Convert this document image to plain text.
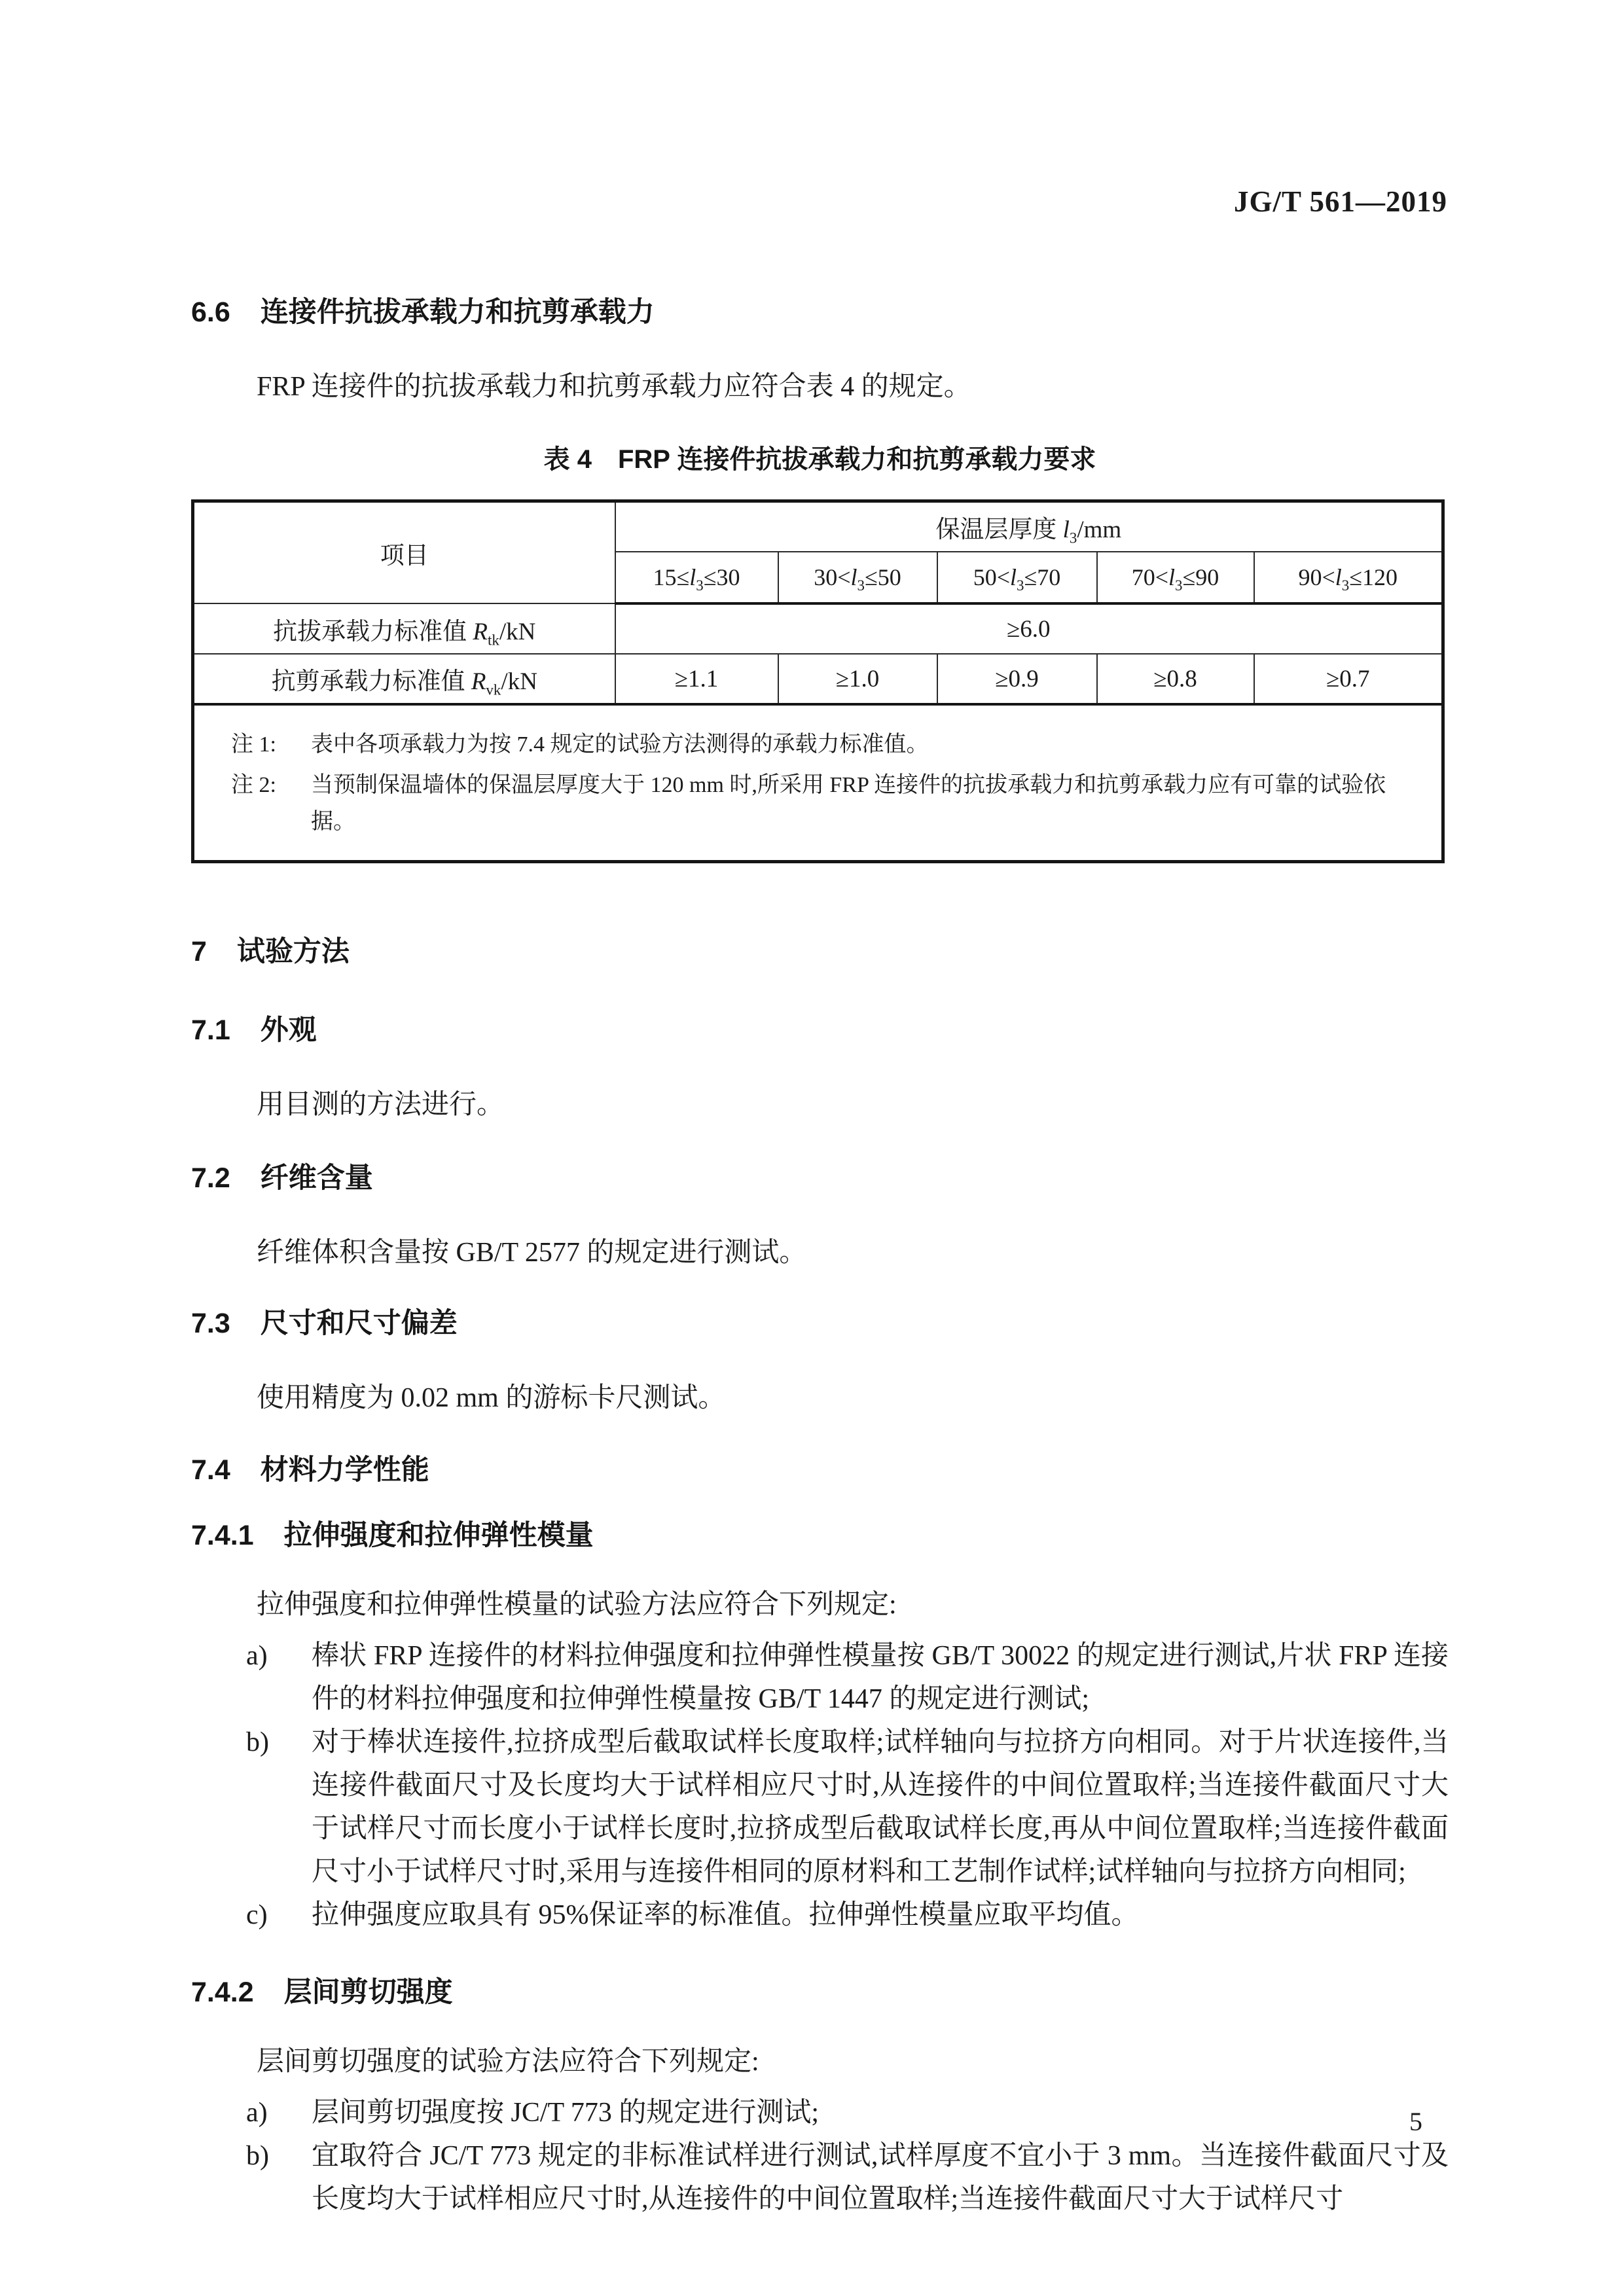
JG/T 561—2019
6.6 连接件抗拔承载力和抗剪承载力

FRP 连接件的抗拔承载力和抗剪承载力应符合表 4 的规定。

表 4 FRP 连接件抗拔承载力和抗剪承载力要求
项目	保温层厚度 $l_3/mm$				
	$15\le l_3\le 30$	$30<l_3\le 50$	$50<l_3\le 70$	$70<l_3\le 90$	$90<l_3\le 120$
抗拔承载力标准值 $R_{tk}/kN$	≥6.0				
抗剪承载力标准值 $R_{vk}/kN$	≥1.1	≥1.0	≥0.9	≥0.8	≥0.7

注 1: 表中各项承载力为按 7.4 规定的试验方法测得的承载力标准值。
注 2: 当预制保温墙体的保温层厚度大于 120 mm 时,所采用 FRP 连接件的抗拔承载力和抗剪承载力应有可靠的试验依据。					
7 试验方法
7.1 外观

用目测的方法进行。

7.2 纤维含量

纤维体积含量按 GB/T 2577 的规定进行测试。

7.3 尺寸和尺寸偏差

使用精度为 0.02 mm 的游标卡尺测试。

7.4 材料力学性能
7.4.1 拉伸强度和拉伸弹性模量

拉伸强度和拉伸弹性模量的试验方法应符合下列规定:

a) 棒状 FRP 连接件的材料拉伸强度和拉伸弹性模量按 GB/T 30022 的规定进行测试,片状 FRP 连接件的材料拉伸强度和拉伸弹性模量按 GB/T 1447 的规定进行测试;
b) 对于棒状连接件,拉挤成型后截取试样长度取样;试样轴向与拉挤方向相同。对于片状连接件,当连接件截面尺寸及长度均大于试样相应尺寸时,从连接件的中间位置取样;当连接件截面尺寸大于试样尺寸而长度小于试样长度时,拉挤成型后截取试样长度,再从中间位置取样;当连接件截面尺寸小于试样尺寸时,采用与连接件相同的原材料和工艺制作试样;试样轴向与拉挤方向相同;
c) 拉伸强度应取具有 95%保证率的标准值。拉伸弹性模量应取平均值。
7.4.2 层间剪切强度

层间剪切强度的试验方法应符合下列规定:

a) 层间剪切强度按 JC/T 773 的规定进行测试;
b) 宜取符合 JC/T 773 规定的非标准试样进行测试,试样厚度不宜小于 3 mm。当连接件截面尺寸及长度均大于试样相应尺寸时,从连接件的中间位置取样;当连接件截面尺寸大于试样尺寸
5
